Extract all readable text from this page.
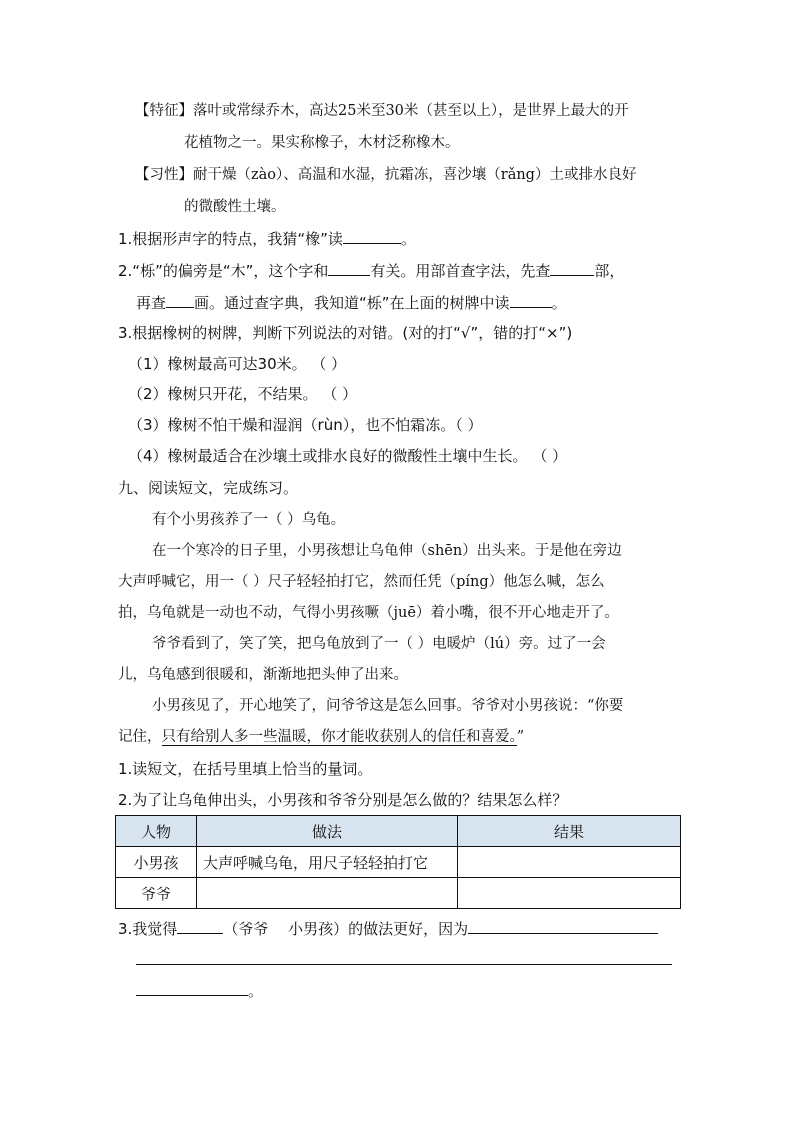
【特征】落叶或常绿乔木，高达25米至30米（甚至以上），是世界上最大的开
花植物之一。果实称橡子，木材泛称橡木。
【习性】耐干燥（zào）、高温和水湿，抗霜冻，喜沙壤（rǎng）土或排水良好
的微酸性土壤。
1.根据形声字的特点，我猜“橡”读	。
2.“栎”的偏旁是“木”，这个字和	有关。用部首查字法，先查	部，
再查 画。通过查字典，我知道“栎”在上面的树牌中读	。
3.根据橡树的树牌，判断下列说法的对错。(对的打“√”，错的打“×”)
（1）橡树最高可达30米。 （ ）
（2）橡树只开花，不结果。 （ ）
（3）橡树不怕干燥和湿润（rùn），也不怕霜冻。（ ）
（4）橡树最适合在沙壤土或排水良好的微酸性土壤中生长。 （ ）
九、阅读短文，完成练习。
有个小男孩养了一（ ）乌龟。
在一个寒冷的日子里，小男孩想让乌龟伸（shēn）出头来。于是他在旁边
大声呼喊它，用一（ ）尺子轻轻拍打它，然而任凭（píng）他怎么喊，怎么
拍，乌龟就是一动也不动，气得小男孩噘（juē）着小嘴，很不开心地走开了。
爷爷看到了，笑了笑，把乌龟放到了一（ ）电暖炉（lú）旁。过了一会
儿，乌龟感到很暖和，渐渐地把头伸了出来。
小男孩见了，开心地笑了，问爷爷这是怎么回事。爷爷对小男孩说：“你要
记住，只有给别人多一些温暖，你才能收获别人的信任和喜爱。”
1.读短文，在括号里填上恰当的量词。
2.为了让乌龟伸出头，小男孩和爷爷分别是怎么做的？结果怎么样？
人物	做法	结果
小男孩	大声呼喊乌龟，用尺子轻轻拍打它	
爷爷		
3.我觉得	（爷爷　 小男孩）的做法更好，因为
。
